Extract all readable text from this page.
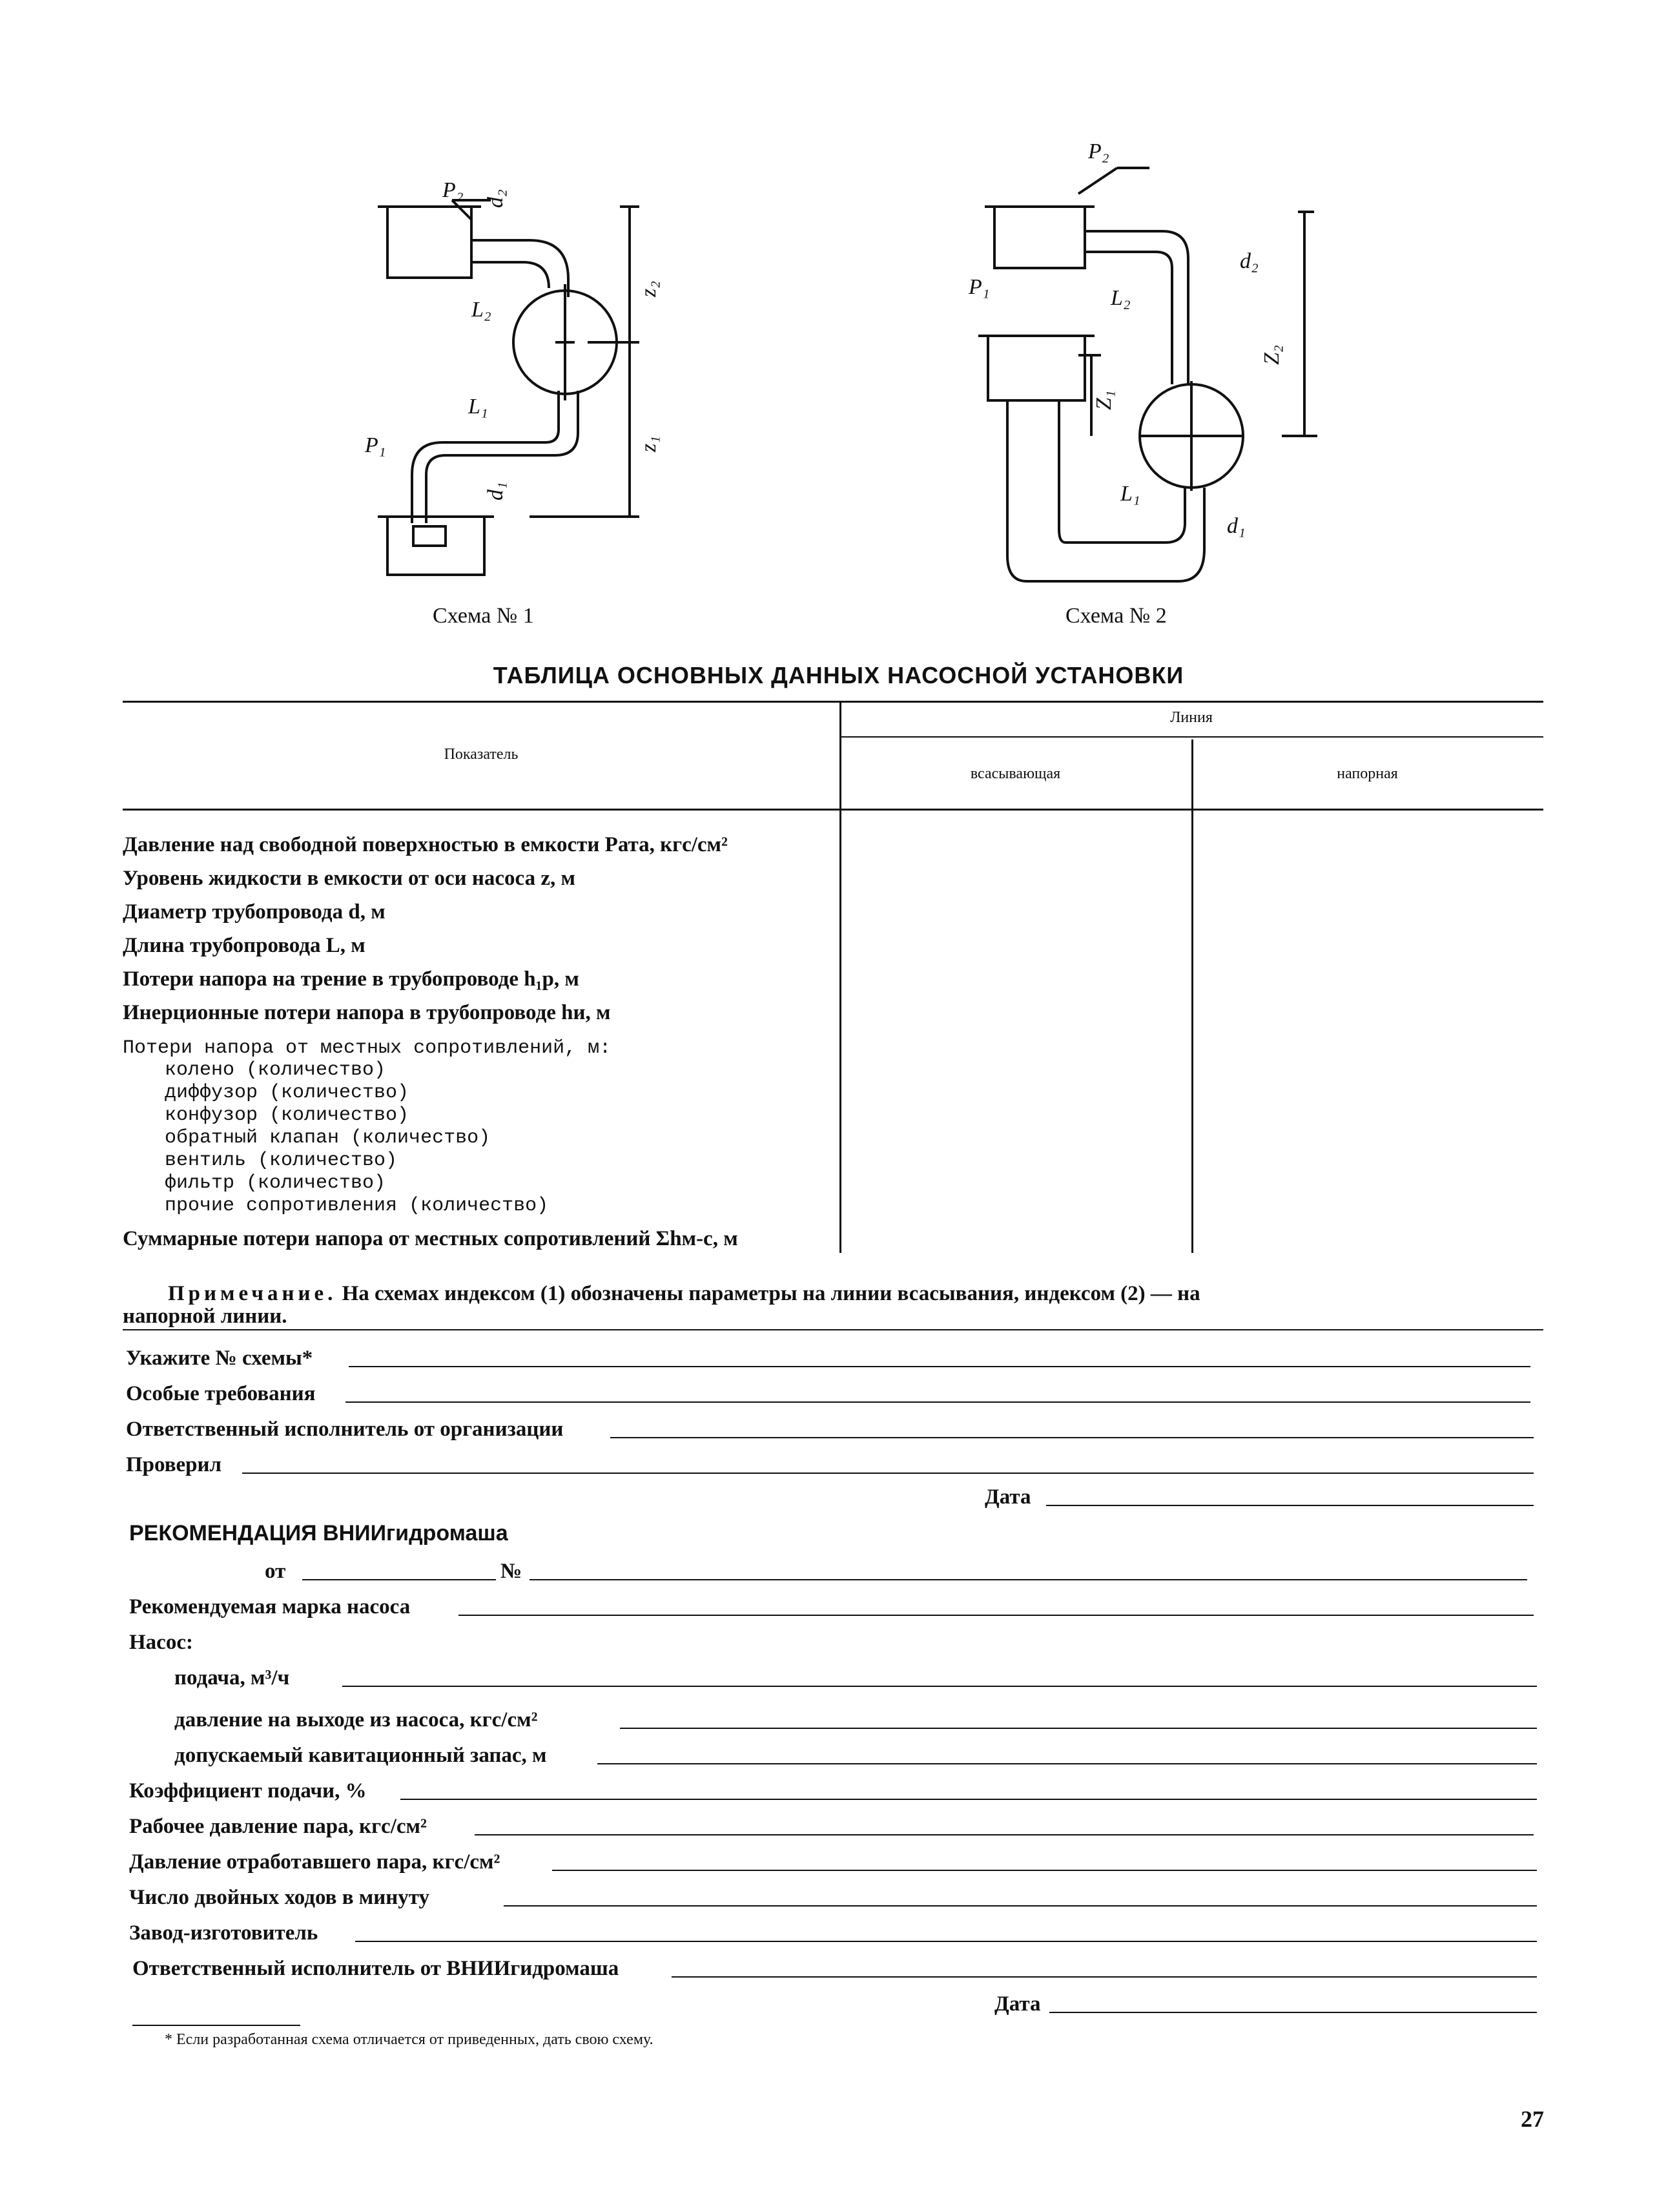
P₂ d₂
z₂
L₂
L₁
P₁
d₁
z₁
Схема № 1
P₂
d₂
L₂
P₁
Z₁
Z₂
L₁
d₁
Схема № 2
ТАБЛИЦА ОСНОВНЫХ ДАННЫХ НАСОСНОЙ УСТАНОВКИ
Показатель
Линия
всасывающая	напорная
Давление над свободной поверхностью в емкости Pата, кгс/см²
Уровень жидкости в емкости от оси насоса z, м
Диаметр трубопровода d, м
Длина трубопровода L, м
Потери напора на трение в трубопроводе h₁р, м
Инерционные потери напора в трубопроводе hи, м
Потери напора от местных сопротивлений, м:
колено (количество)
диффузор (количество)
конфузор (количество)
обратный клапан (количество)
вентиль (количество)
фильтр (количество)
прочие сопротивления (количество)
Суммарные потери напора от местных сопротивлений Σhм-с, м
Примечание. На схемах индексом (1) обозначены параметры на линии всасывания, индексом (2) — на
напорной линии.
Укажите № схемы*
Особые требования
Ответственный исполнитель от организации
Проверил
Дата
РЕКОМЕНДАЦИЯ ВНИИгидромаша
от	№
Рекомендуемая марка насоса
Насос:
подача, м³/ч
давление на выходе из насоса, кгс/см²
допускаемый кавитационный запас, м
Коэффициент подачи, %
Рабочее давление пара, кгс/см²
Давление отработавшего пара, кгс/см²
Число двойных ходов в минуту
Завод-изготовитель
Ответственный исполнитель от ВНИИгидромаша
Дата
* Если разработанная схема отличается от приведенных, дать свою схему.
27
